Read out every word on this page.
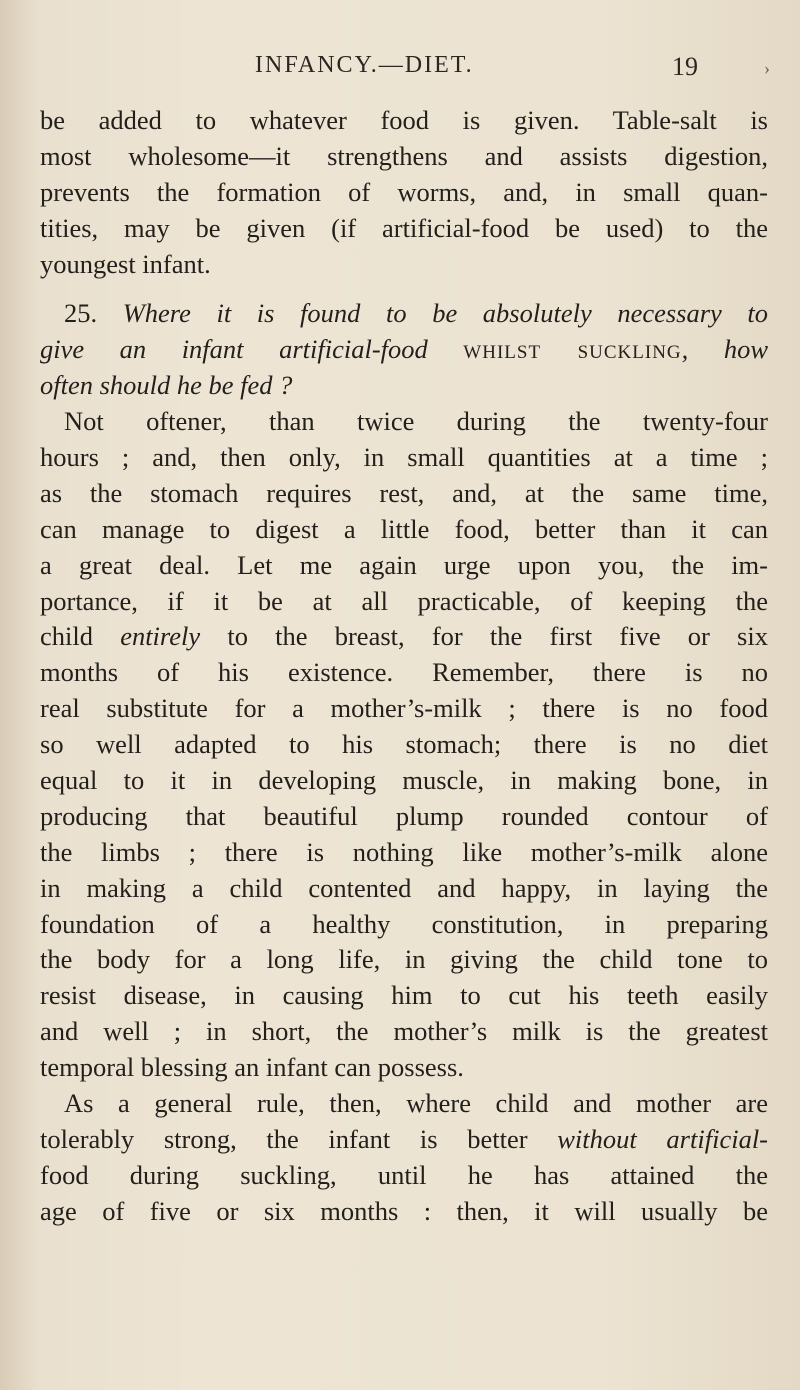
INFANCY.—DIET.	19	›
be added to whatever food is given. Table-salt is
most wholesome—it strengthens and assists digestion,
prevents the formation of worms, and, in small quan-
tities, may be given (if artificial-food be used) to the
youngest infant.
25. Where it is found to be absolutely necessary to
give an infant artificial-food whilst suckling, how
often should he be fed ?
Not oftener, than twice during the twenty-four
hours ; and, then only, in small quantities at a time ;
as the stomach requires rest, and, at the same time,
can manage to digest a little food, better than it can
a great deal. Let me again urge upon you, the im-
portance, if it be at all practicable, of keeping the
child entirely to the breast, for the first five or six
months of his existence. Remember, there is no
real substitute for a mother’s-milk ; there is no food
so well adapted to his stomach; there is no diet
equal to it in developing muscle, in making bone, in
producing that beautiful plump rounded contour of
the limbs ; there is nothing like mother’s-milk alone
in making a child contented and happy, in laying the
foundation of a healthy constitution, in preparing
the body for a long life, in giving the child tone to
resist disease, in causing him to cut his teeth easily
and well ; in short, the mother’s milk is the greatest
temporal blessing an infant can possess.
As a general rule, then, where child and mother are
tolerably strong, the infant is better without artificial-
food during suckling, until he has attained the
age of five or six months : then, it will usually be
